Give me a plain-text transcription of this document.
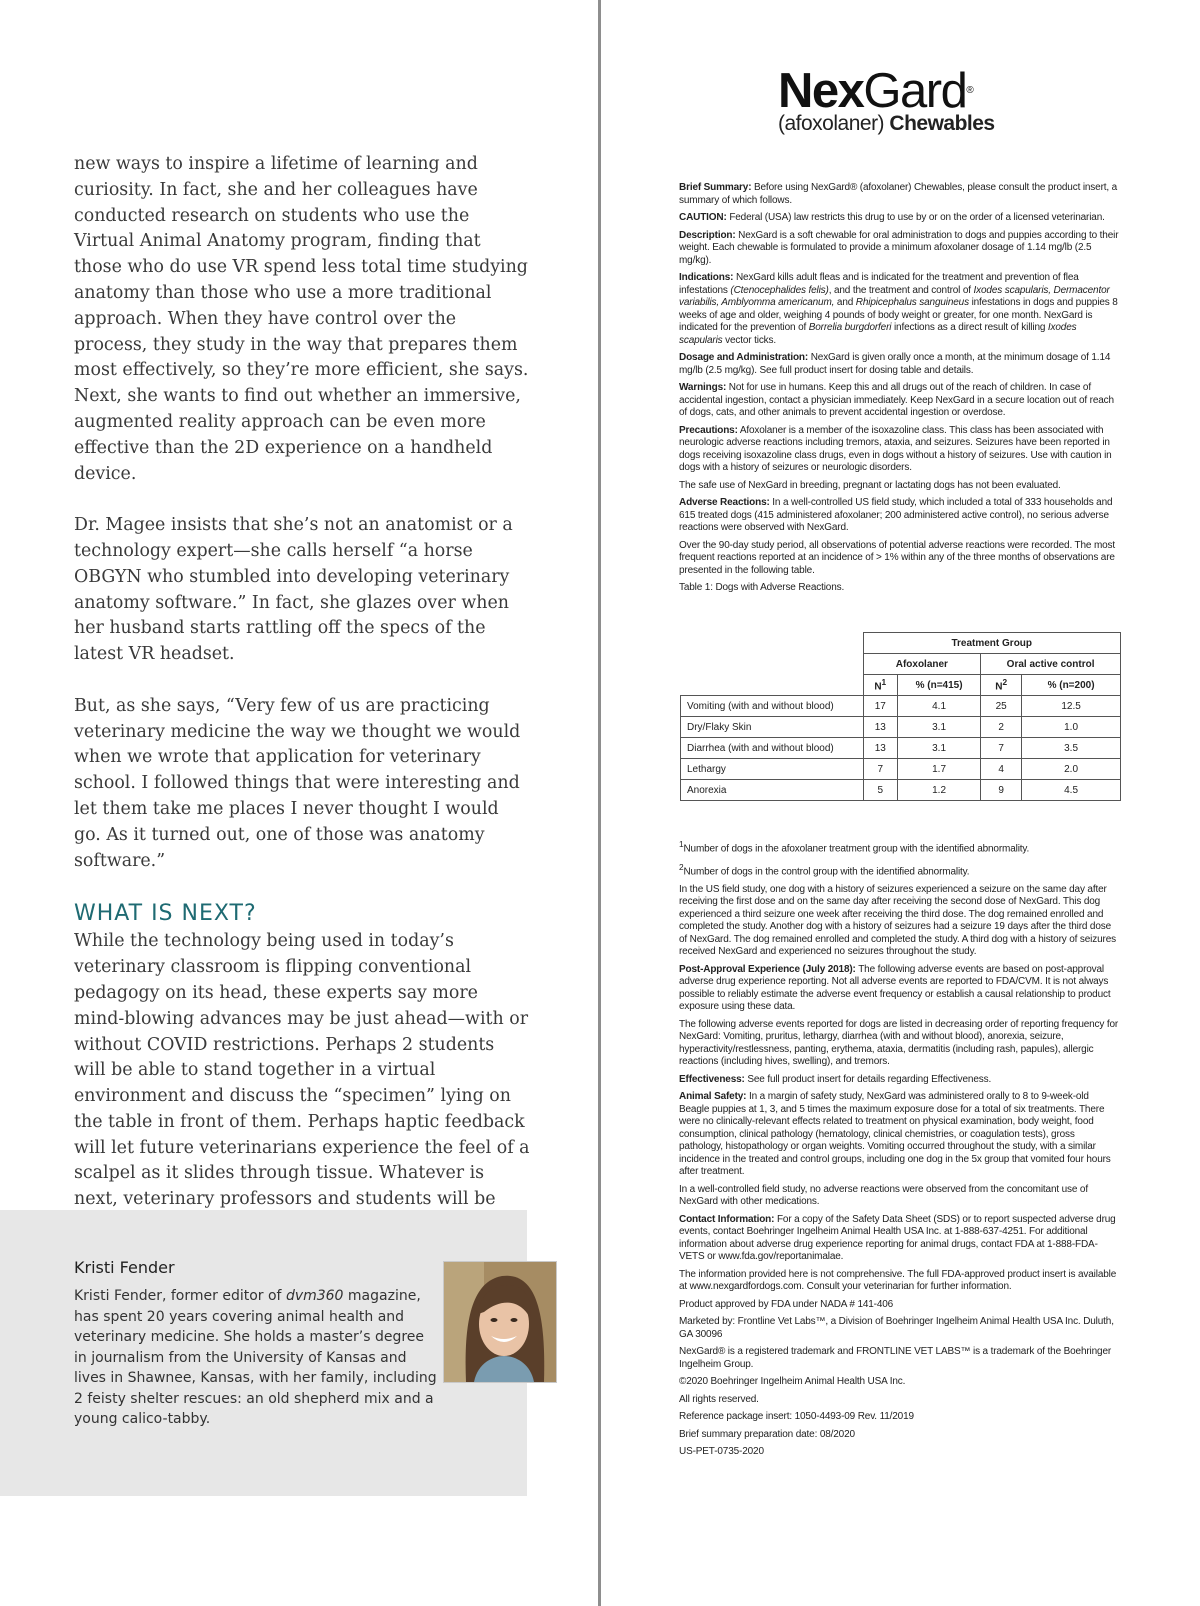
new ways to inspire a lifetime of learning and curiosity. In fact, she and her colleagues have conducted research on students who use the Virtual Animal Anatomy program, finding that those who do use VR spend less total time studying anatomy than those who use a more traditional approach. When they have control over the process, they study in the way that prepares them most effectively, so they’re more efficient, she says. Next, she wants to find out whether an immersive, augmented reality approach can be even more effective than the 2D experience on a handheld device.

Dr. Magee insists that she’s not an anatomist or a technology expert—she calls herself “a horse OBGYN who stumbled into developing veterinary anatomy software.” In fact, she glazes over when her husband starts rattling off the specs of the latest VR headset.

But, as she says, “Very few of us are practicing veterinary medicine the way we thought we would when we wrote that application for veterinary school. I followed things that were interesting and let them take me places I never thought I would go. As it turned out, one of those was anatomy software.”

WHAT IS NEXT?

While the technology being used in today’s veterinary classroom is flipping conventional pedagogy on its head, these experts say more mind-blowing advances may be just ahead—with or without COVID restrictions. Perhaps 2 students will be able to stand together in a virtual environment and discuss the “specimen” lying on the table in front of them. Perhaps haptic feedback will let future veterinarians experience the feel of a scalpel as it slides through tissue. Whatever is next, veterinary professors and students will be

Kristi Fender
Kristi Fender, former editor of dvm360 magazine, has spent 20 years covering animal health and veterinary medicine. She holds a master’s degree in journalism from the University of Kansas and lives in Shawnee, Kansas, with her family, including 2 feisty shelter rescues: an old shepherd mix and a young calico-tabby.
NexGard®
(afoxolaner) Chewables

Brief Summary: Before using NexGard® (afoxolaner) Chewables, please consult the product insert, a summary of which follows.

CAUTION: Federal (USA) law restricts this drug to use by or on the order of a licensed veterinarian.

Description: NexGard is a soft chewable for oral administration to dogs and puppies according to their weight. Each chewable is formulated to provide a minimum afoxolaner dosage of 1.14 mg/lb (2.5 mg/kg).

Indications: NexGard kills adult fleas and is indicated for the treatment and prevention of flea infestations (Ctenocephalides felis), and the treatment and control of Ixodes scapularis, Dermacentor variabilis, Amblyomma americanum, and Rhipicephalus sanguineus infestations in dogs and puppies 8 weeks of age and older, weighing 4 pounds of body weight or greater, for one month. NexGard is indicated for the prevention of Borrelia burgdorferi infections as a direct result of killing Ixodes scapularis vector ticks.

Dosage and Administration: NexGard is given orally once a month, at the minimum dosage of 1.14 mg/lb (2.5 mg/kg). See full product insert for dosing table and details.

Warnings: Not for use in humans. Keep this and all drugs out of the reach of children. In case of accidental ingestion, contact a physician immediately. Keep NexGard in a secure location out of reach of dogs, cats, and other animals to prevent accidental ingestion or overdose.

Precautions: Afoxolaner is a member of the isoxazoline class. This class has been associated with neurologic adverse reactions including tremors, ataxia, and seizures. Seizures have been reported in dogs receiving isoxazoline class drugs, even in dogs without a history of seizures. Use with caution in dogs with a history of seizures or neurologic disorders.

The safe use of NexGard in breeding, pregnant or lactating dogs has not been evaluated.

Adverse Reactions: In a well-controlled US field study, which included a total of 333 households and 615 treated dogs (415 administered afoxolaner; 200 administered active control), no serious adverse reactions were observed with NexGard.

Over the 90-day study period, all observations of potential adverse reactions were recorded. The most frequent reactions reported at an incidence of > 1% within any of the three months of observations are presented in the following table.

Table 1: Dogs with Adverse Reactions.

	Treatment Group			
	Afoxolaner		Oral active control	
	$N^1$	% (n=415)	$N^2$	% (n=200)
Vomiting (with and without blood)	17	4.1	25	12.5
Dry/Flaky Skin	13	3.1	2	1.0
Diarrhea (with and without blood)	13	3.1	7	3.5
Lethargy	7	1.7	4	2.0
Anorexia	5	1.2	9	4.5

$^1$Number of dogs in the afoxolaner treatment group with the identified abnormality.

$^2$Number of dogs in the control group with the identified abnormality.

In the US field study, one dog with a history of seizures experienced a seizure on the same day after receiving the first dose and on the same day after receiving the second dose of NexGard. This dog experienced a third seizure one week after receiving the third dose. The dog remained enrolled and completed the study. Another dog with a history of seizures had a seizure 19 days after the third dose of NexGard. The dog remained enrolled and completed the study. A third dog with a history of seizures received NexGard and experienced no seizures throughout the study.

Post-Approval Experience (July 2018): The following adverse events are based on post-approval adverse drug experience reporting. Not all adverse events are reported to FDA/CVM. It is not always possible to reliably estimate the adverse event frequency or establish a causal relationship to product exposure using these data.

The following adverse events reported for dogs are listed in decreasing order of reporting frequency for NexGard: Vomiting, pruritus, lethargy, diarrhea (with and without blood), anorexia, seizure, hyperactivity/restlessness, panting, erythema, ataxia, dermatitis (including rash, papules), allergic reactions (including hives, swelling), and tremors.

Effectiveness: See full product insert for details regarding Effectiveness.

Animal Safety: In a margin of safety study, NexGard was administered orally to 8 to 9-week-old Beagle puppies at 1, 3, and 5 times the maximum exposure dose for a total of six treatments. There were no clinically-relevant effects related to treatment on physical examination, body weight, food consumption, clinical pathology (hematology, clinical chemistries, or coagulation tests), gross pathology, histopathology or organ weights. Vomiting occurred throughout the study, with a similar incidence in the treated and control groups, including one dog in the 5x group that vomited four hours after treatment.

In a well-controlled field study, no adverse reactions were observed from the concomitant use of NexGard with other medications.

Contact Information: For a copy of the Safety Data Sheet (SDS) or to report suspected adverse drug events, contact Boehringer Ingelheim Animal Health USA Inc. at 1-888-637-4251. For additional information about adverse drug experience reporting for animal drugs, contact FDA at 1-888-FDA-VETS or www.fda.gov/reportanimalae.

The information provided here is not comprehensive. The full FDA-approved product insert is available at www.nexgardfordogs.com. Consult your veterinarian for further information.

Product approved by FDA under NADA # 141-406

Marketed by: Frontline Vet Labs™, a Division of Boehringer Ingelheim Animal Health USA Inc. Duluth, GA 30096

NexGard® is a registered trademark and FRONTLINE VET LABS™ is a trademark of the Boehringer Ingelheim Group.

©2020 Boehringer Ingelheim Animal Health USA Inc.

All rights reserved.

Reference package insert: 1050-4493-09 Rev. 11/2019

Brief summary preparation date: 08/2020

US-PET-0735-2020
